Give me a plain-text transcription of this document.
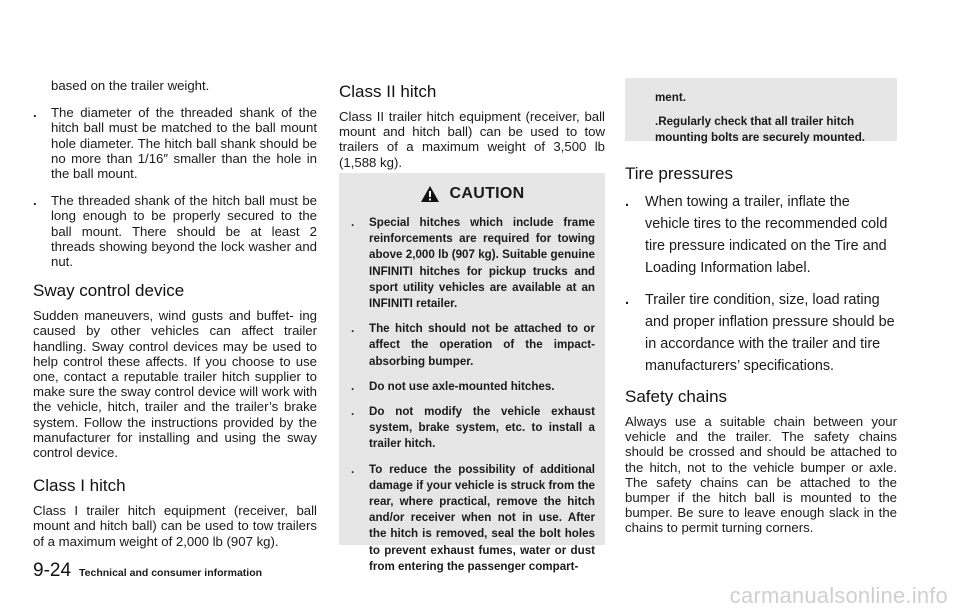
based on the trailer weight.

. The diameter of the threaded shank of the hitch ball must be matched to the ball mount hole diameter. The hitch ball shank should be no more than 1/16″ smaller than the hole in the ball mount.
. The threaded shank of the hitch ball must be long enough to be properly secured to the ball mount. There should be at least 2 threads showing beyond the lock washer and nut.
Sway control device

Sudden maneuvers, wind gusts and buffet- ing caused by other vehicles can affect trailer handling. Sway control devices may be used to help control these affects. If you choose to use one, contact a reputable trailer hitch supplier to make sure the sway control device will work with the vehicle, hitch, trailer and the trailer’s brake system. Follow the instructions provided by the manufacturer for installing and using the sway control device.

Class I hitch

Class I trailer hitch equipment (receiver, ball mount and hitch ball) can be used to tow trailers of a maximum weight of 2,000 lb (907 kg).

Class II hitch

Class II trailer hitch equipment (receiver, ball mount and hitch ball) can be used to tow trailers of a maximum weight of 3,500 lb (1,588 kg).

CAUTION
. Special hitches which include frame reinforcements are required for towing above 2,000 lb (907 kg). Suitable genuine INFINITI hitches for pickup trucks and sport utility vehicles are available at an INFINITI retailer.
. The hitch should not be attached to or affect the operation of the impact- absorbing bumper.
. Do not use axle-mounted hitches.
. Do not modify the vehicle exhaust system, brake system, etc. to install a trailer hitch.
. To reduce the possibility of additional damage if your vehicle is struck from the rear, where practical, remove the hitch and/or receiver when not in use. After the hitch is removed, seal the bolt holes to prevent exhaust fumes, water or dust from entering the passenger compart-

ment.

.Regularly check that all trailer hitch mounting bolts are securely mounted.
Tire pressures
. When towing a trailer, inflate the vehicle tires to the recommended cold tire pressure indicated on the Tire and Loading Information label.
. Trailer tire condition, size, load rating and proper inflation pressure should be in accordance with the trailer and tire manufacturers’ specifications.
Safety chains

Always use a suitable chain between your vehicle and the trailer. The safety chains should be crossed and should be attached to the hitch, not to the vehicle bumper or axle. The safety chains can be attached to the bumper if the hitch ball is mounted to the bumper. Be sure to leave enough slack in the chains to permit turning corners.

9-24 Technical and consumer information
carmanualsonline.info
